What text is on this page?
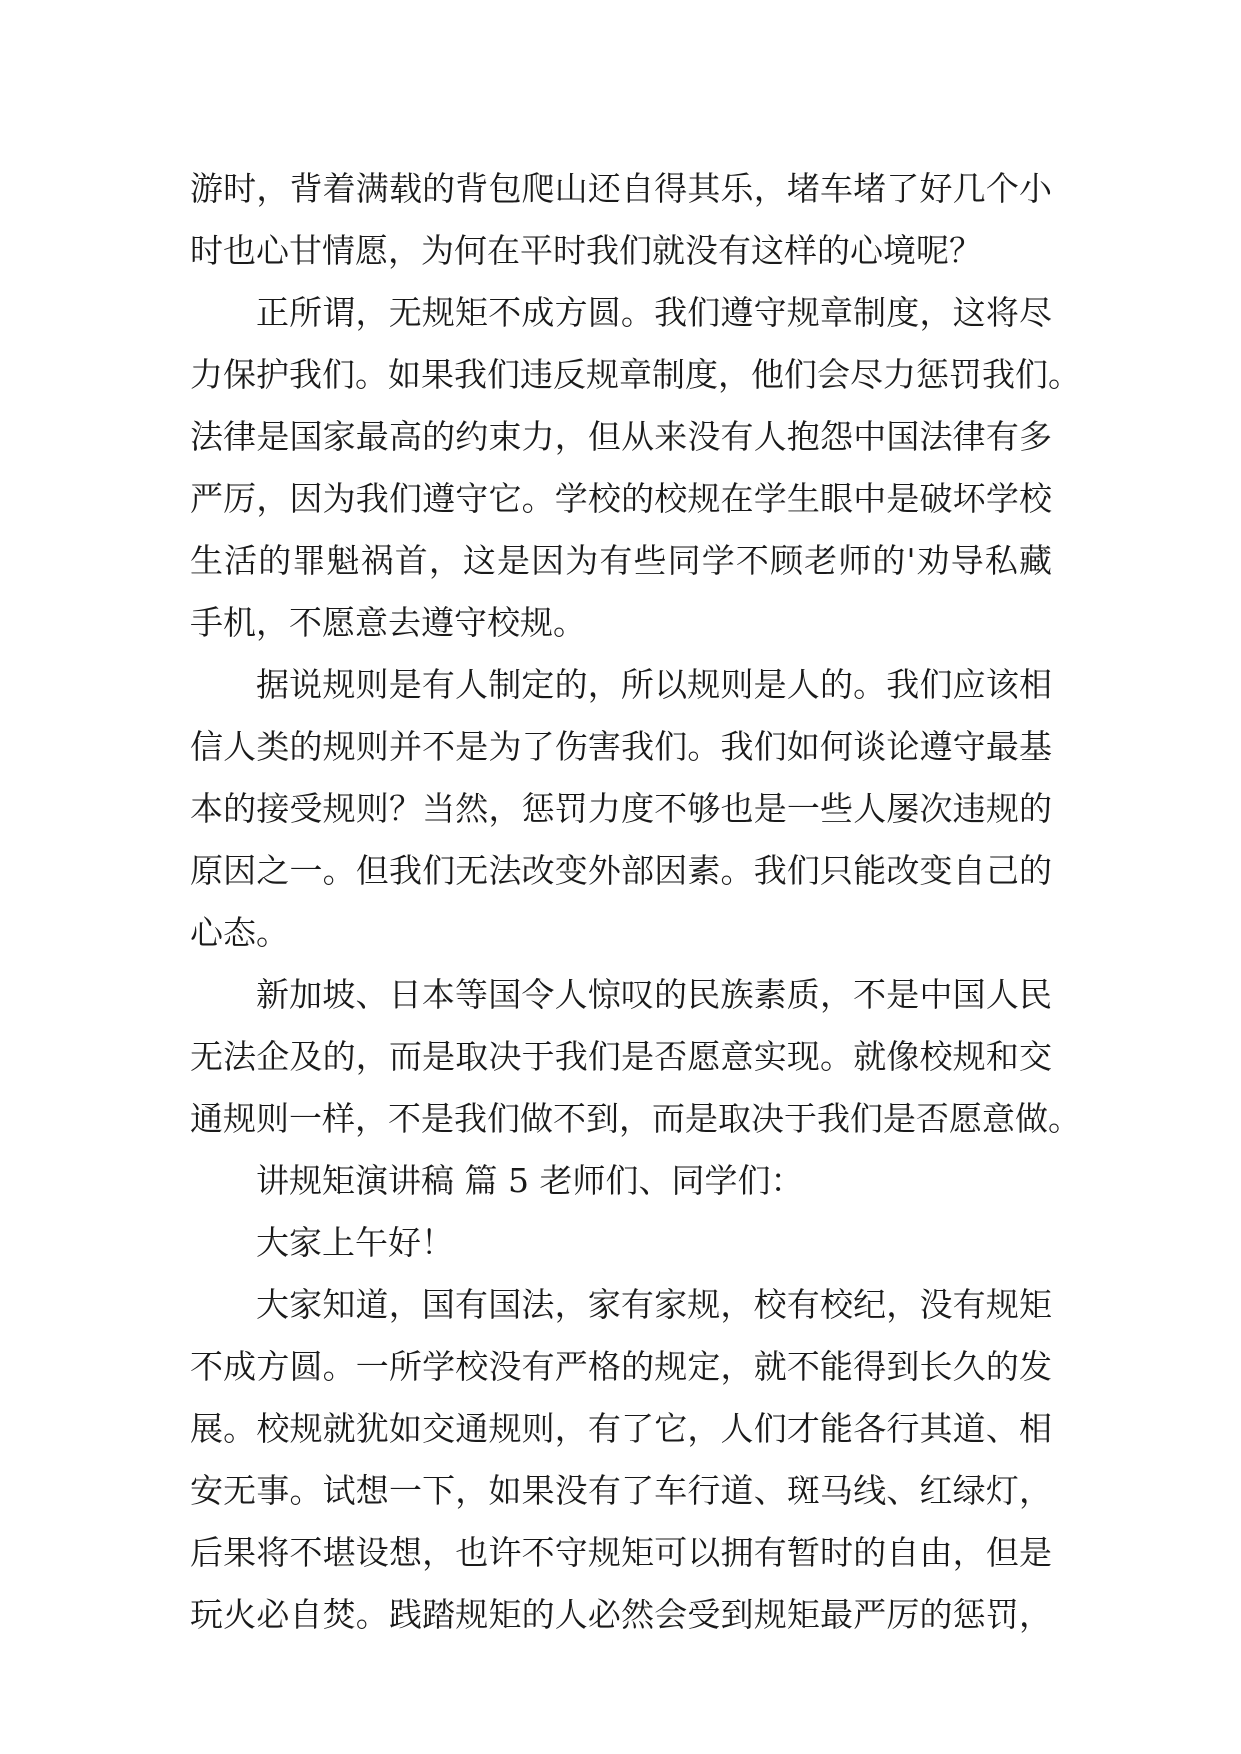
游时，背着满载的背包爬山还自得其乐，堵车堵了好几个小
时也心甘情愿，为何在平时我们就没有这样的心境呢？
正所谓，无规矩不成方圆。我们遵守规章制度，这将尽
力保护我们。如果我们违反规章制度，他们会尽力惩罚我们。
法律是国家最高的约束力，但从来没有人抱怨中国法律有多
严厉，因为我们遵守它。学校的校规在学生眼中是破坏学校
生活的罪魁祸首，这是因为有些同学不顾老师的'劝导私藏
手机，不愿意去遵守校规。
据说规则是有人制定的，所以规则是人的。我们应该相
信人类的规则并不是为了伤害我们。我们如何谈论遵守最基
本的接受规则？当然，惩罚力度不够也是一些人屡次违规的
原因之一。但我们无法改变外部因素。我们只能改变自己的
心态。
新加坡、日本等国令人惊叹的民族素质，不是中国人民
无法企及的，而是取决于我们是否愿意实现。就像校规和交
通规则一样，不是我们做不到，而是取决于我们是否愿意做。
讲规矩演讲稿 篇 5 老师们、同学们：
大家上午好！
大家知道，国有国法，家有家规，校有校纪，没有规矩
不成方圆。一所学校没有严格的规定，就不能得到长久的发
展。校规就犹如交通规则，有了它，人们才能各行其道、相
安无事。试想一下，如果没有了车行道、斑马线、红绿灯，
后果将不堪设想，也许不守规矩可以拥有暂时的自由，但是
玩火必自焚。践踏规矩的人必然会受到规矩最严厉的惩罚，
